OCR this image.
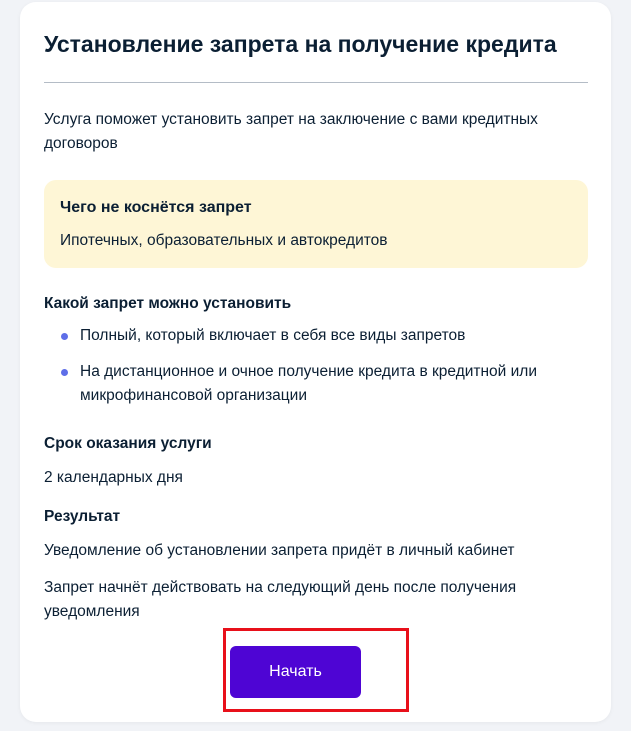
Установление запрета на получение кредита

Услуга поможет установить запрет на заключение с вами кредитных договоров

Чего не коснётся запрет
Ипотечных, образовательных и автокредитов
Какой запрет можно установить
Полный, который включает в себя все виды запретов
На дистанционное и очное получение кредита в кредитной или микрофинансовой организации
Срок оказания услуги

2 календарных дня

Результат

Уведомление об установлении запрета придёт в личный кабинет

Запрет начнёт действовать на следующий день после получения уведомления

Начать
